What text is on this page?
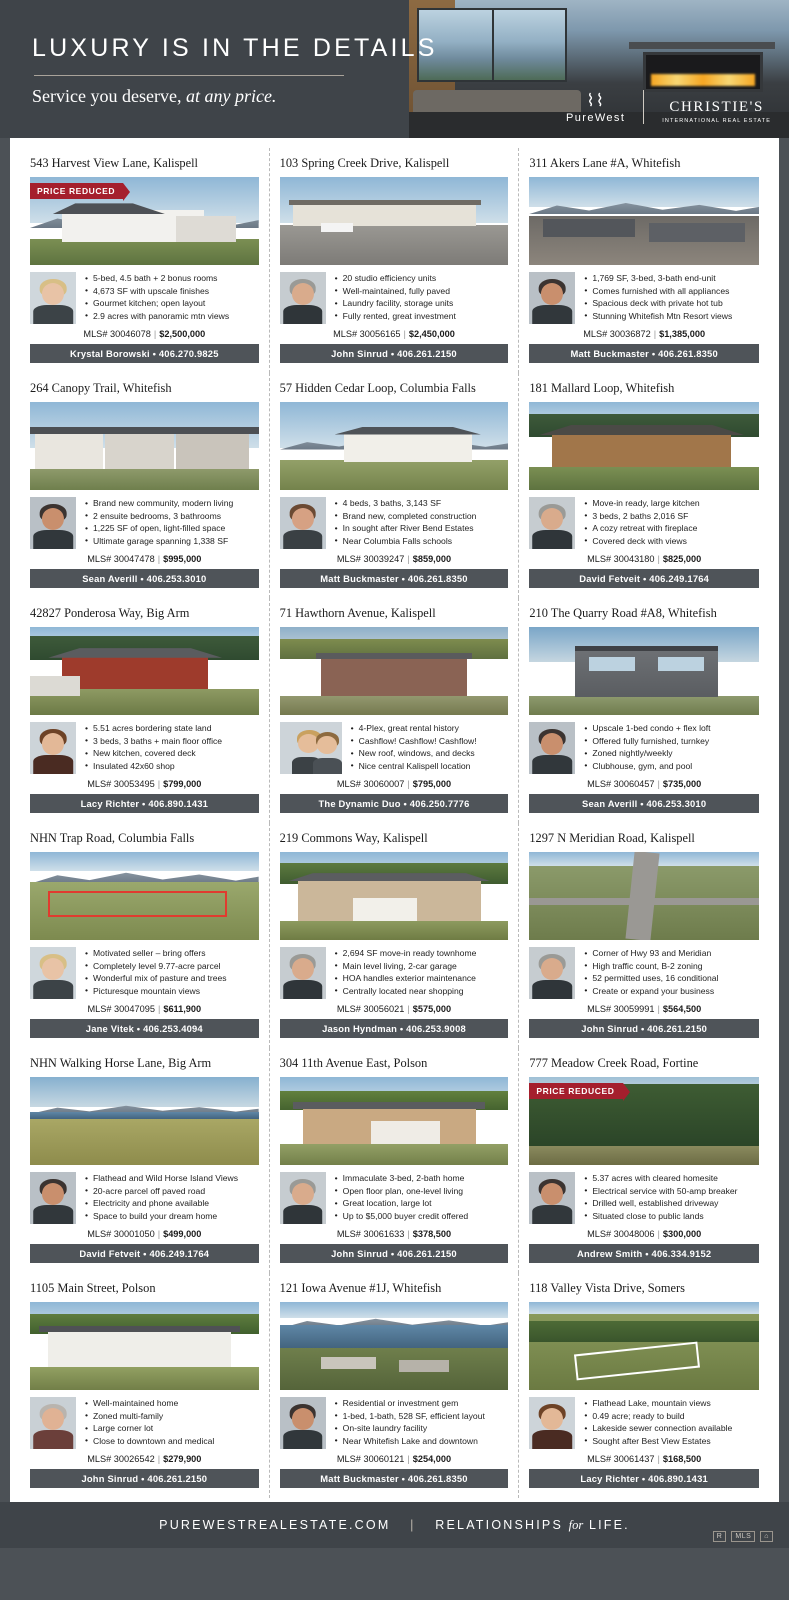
LUXURY IS IN THE DETAILS
Service you deserve, at any price.	⌇⌇
PureWest
CHRISTIE'S
INTERNATIONAL REAL ESTATE
543 Harvest View Lane, Kalispell
PRICE REDUCED
• 5-bed, 4.5 bath + 2 bonus rooms
• 4,673 SF with upscale finishes
• Gourmet kitchen; open layout
• 2.9 acres with panoramic mtn views
MLS# 30046078 | $2,500,000
Krystal Borowski • 406.270.9825
103 Spring Creek Drive, Kalispell
• 20 studio efficiency units
• Well-maintained, fully paved
• Laundry facility, storage units
• Fully rented, great investment
MLS# 30056165 | $2,450,000
John Sinrud • 406.261.2150
311 Akers Lane #A, Whitefish
• 1,769 SF, 3-bed, 3-bath end-unit
• Comes furnished with all appliances
• Spacious deck with private hot tub
• Stunning Whitefish Mtn Resort views
MLS# 30036872 | $1,385,000
Matt Buckmaster • 406.261.8350
264 Canopy Trail, Whitefish
• Brand new community, modern living
• 2 ensuite bedrooms, 3 bathrooms
• 1,225 SF of open, light-filled space
• Ultimate garage spanning 1,338 SF
MLS# 30047478 | $995,000
Sean Averill • 406.253.3010
57 Hidden Cedar Loop, Columbia Falls
• 4 beds, 3 baths, 3,143 SF
• Brand new, completed construction
• In sought after River Bend Estates
• Near Columbia Falls schools
MLS# 30039247 | $859,000
Matt Buckmaster • 406.261.8350
181 Mallard Loop, Whitefish
• Move-in ready, large kitchen
• 3 beds, 2 baths 2,016 SF
• A cozy retreat with fireplace
• Covered deck with views
MLS# 30043180 | $825,000
David Fetveit • 406.249.1764
42827 Ponderosa Way, Big Arm
• 5.51 acres bordering state land
• 3 beds, 3 baths + main floor office
• New kitchen, covered deck
• Insulated 42x60 shop
MLS# 30053495 | $799,000
Lacy Richter • 406.890.1431
71 Hawthorn Avenue, Kalispell
• 4-Plex, great rental history
• Cashflow! Cashflow! Cashflow!
• New roof, windows, and decks
• Nice central Kalispell location
MLS# 30060007 | $795,000
The Dynamic Duo • 406.250.7776
210 The Quarry Road #A8, Whitefish
• Upscale 1-bed condo + flex loft
• Offered fully furnished, turnkey
• Zoned nightly/weekly
• Clubhouse, gym, and pool
MLS# 30060457 | $735,000
Sean Averill • 406.253.3010
NHN Trap Road, Columbia Falls
• Motivated seller – bring offers
• Completely level 9.77-acre parcel
• Wonderful mix of pasture and trees
• Picturesque mountain views
MLS# 30047095 | $611,900
Jane Vitek • 406.253.4094
219 Commons Way, Kalispell
• 2,694 SF move-in ready townhome
• Main level living, 2-car garage
• HOA handles exterior maintenance
• Centrally located near shopping
MLS# 30056021 | $575,000
Jason Hyndman • 406.253.9008
1297 N Meridian Road, Kalispell
• Corner of Hwy 93 and Meridian
• High traffic count, B-2 zoning
• 52 permitted uses, 16 conditional
• Create or expand your business
MLS# 30059991 | $564,500
John Sinrud • 406.261.2150
NHN Walking Horse Lane, Big Arm
• Flathead and Wild Horse Island Views
• 20-acre parcel off paved road
• Electricity and phone available
• Space to build your dream home
MLS# 30001050 | $499,000
David Fetveit • 406.249.1764
304 11th Avenue East, Polson
• Immaculate 3-bed, 2-bath home
• Open floor plan, one-level living
• Great location, large lot
• Up to $5,000 buyer credit offered
MLS# 30061633 | $378,500
John Sinrud • 406.261.2150
777 Meadow Creek Road, Fortine
PRICE REDUCED
• 5.37 acres with cleared homesite
• Electrical service with 50-amp breaker
• Drilled well, established driveway
• Situated close to public lands
MLS# 30048006 | $300,000
Andrew Smith • 406.334.9152
1105 Main Street, Polson
• Well-maintained home
• Zoned multi-family
• Large corner lot
• Close to downtown and medical
MLS# 30026542 | $279,900
John Sinrud • 406.261.2150
121 Iowa Avenue #1J, Whitefish
• Residential or investment gem
• 1-bed, 1-bath, 528 SF, efficient layout
• On-site laundry facility
• Near Whitefish Lake and downtown
MLS# 30060121 | $254,000
Matt Buckmaster • 406.261.8350
118 Valley Vista Drive, Somers
• Flathead Lake, mountain views
• 0.49 acre; ready to build
• Lakeside sewer connection available
• Sought after Best View Estates
MLS# 30061437 | $168,500
Lacy Richter • 406.890.1431
PUREWESTREALESTATE.COM | RELATIONSHIPS for LIFE.
R	MLS	⌂
